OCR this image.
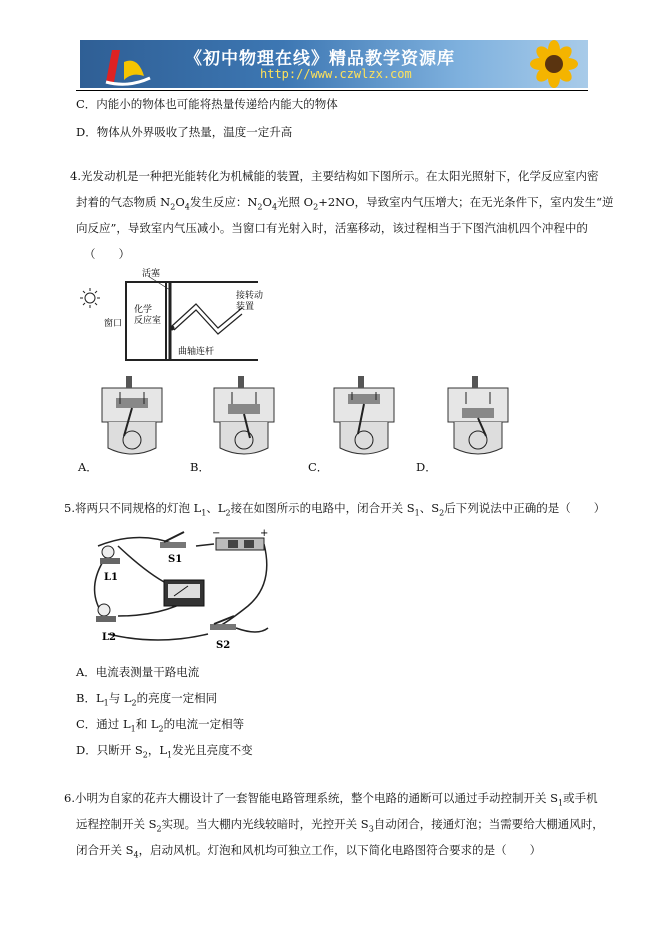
《初中物理在线》精品教学资源库
http://www.czwlzx.com
C．内能小的物体也可能将热量传递给内能大的物体
D．物体从外界吸收了热量，温度一定升高
4.光发动机是一种把光能转化为机械能的装置，主要结构如下图所示。在太阳光照射下，化学反应室内密
封着的气态物质 $N_2O_4$发生反应：$N_2O_4$光照 $O_2+2NO$，导致室内气压增大；在无光条件下，室内发生“逆
向反应”，导致室内气压减小。当窗口有光射入时，活塞移动，该过程相当于下图汽油机四个冲程中的
（　　）
活塞
窗口
化学反应室
曲轴连杆
接转动装置
A．	B．	C．	D．
5.将两只不同规格的灯泡 $L_1$、$L_2$接在如图所示的电路中，闭合开关 $S_1$、$S_2$后下列说法中正确的是（　　）
L1
L2
S1
S2
−	+
A．电流表测量干路电流
B．$L_1$与 $L_2$的亮度一定相同
C．通过 $L_1$和 $L_2$的电流一定相等
D．只断开 $S_2$，$L_1$发光且亮度不变
6.小明为自家的花卉大棚设计了一套智能电路管理系统，整个电路的通断可以通过手动控制开关 $S_1$或手机
远程控制开关 $S_2$实现。当大棚内光线较暗时，光控开关 $S_3$自动闭合，接通灯泡；当需要给大棚通风时，
闭合开关 $S_4$，启动风机。灯泡和风机均可独立工作，以下简化电路图符合要求的是（　　）
